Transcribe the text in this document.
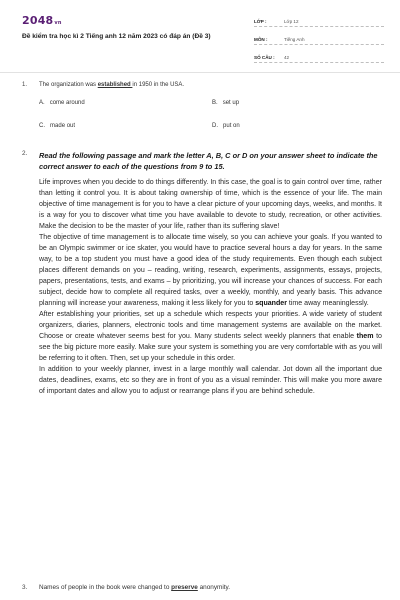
2048vn
Đề kiểm tra học kì 2 Tiếng anh 12 năm 2023 có đáp án (Đề 3)
LỚP :	Lớp 12
MÔN :	Tiếng Anh
SỐ CÂU :	42
1. The organization was established in 1950 in the USA.
A. come around	B. set up
C. made out	D. put on
2. Read the following passage and mark the letter A, B, C or D on your answer sheet to indicate the correct answer to each of the questions from 9 to 15.

Life improves when you decide to do things differently. In this case, the goal is to gain control over time, rather than letting it control you. It is about taking ownership of time, which is the essence of your life. The main objective of time management is for you to have a clear picture of your upcoming days, weeks, and months. It is a way for you to discover what time you have available to devote to study, recreation, or other activities. Make the decision to be the master of your life, rather than its suffering slave!

The objective of time management is to allocate time wisely, so you can achieve your goals. If you wanted to be an Olympic swimmer or ice skater, you would have to practice several hours a day for years. In the same way, to be a top student you must have a good idea of the study requirements. Even though each subject places different demands on you – reading, writing, research, experiments, assignments, essays, projects, papers, presentations, tests, and exams – by prioritizing, you will increase your chances of success. For each subject, decide how to complete all required tasks, over a weekly, monthly, and yearly basis. This advance planning will increase your awareness, making it less likely for you to squander time away meaninglessly.

After establishing your priorities, set up a schedule which respects your priorities. A wide variety of student organizers, diaries, planners, electronic tools and time management systems are available on the market. Choose or create whatever seems best for you. Many students select weekly planners that enable them to see the big picture more easily. Make sure your system is something you are very comfortable with as you will be referring to it often. Then, set up your schedule in this order.

In addition to your weekly planner, invest in a large monthly wall calendar. Jot down all the important due dates, deadlines, exams, etc so they are in front of you as a visual reminder. This will make you more aware of important dates and allow you to adjust or rearrange plans if you are behind schedule.

3. Names of people in the book were changed to preserve anonymity.
